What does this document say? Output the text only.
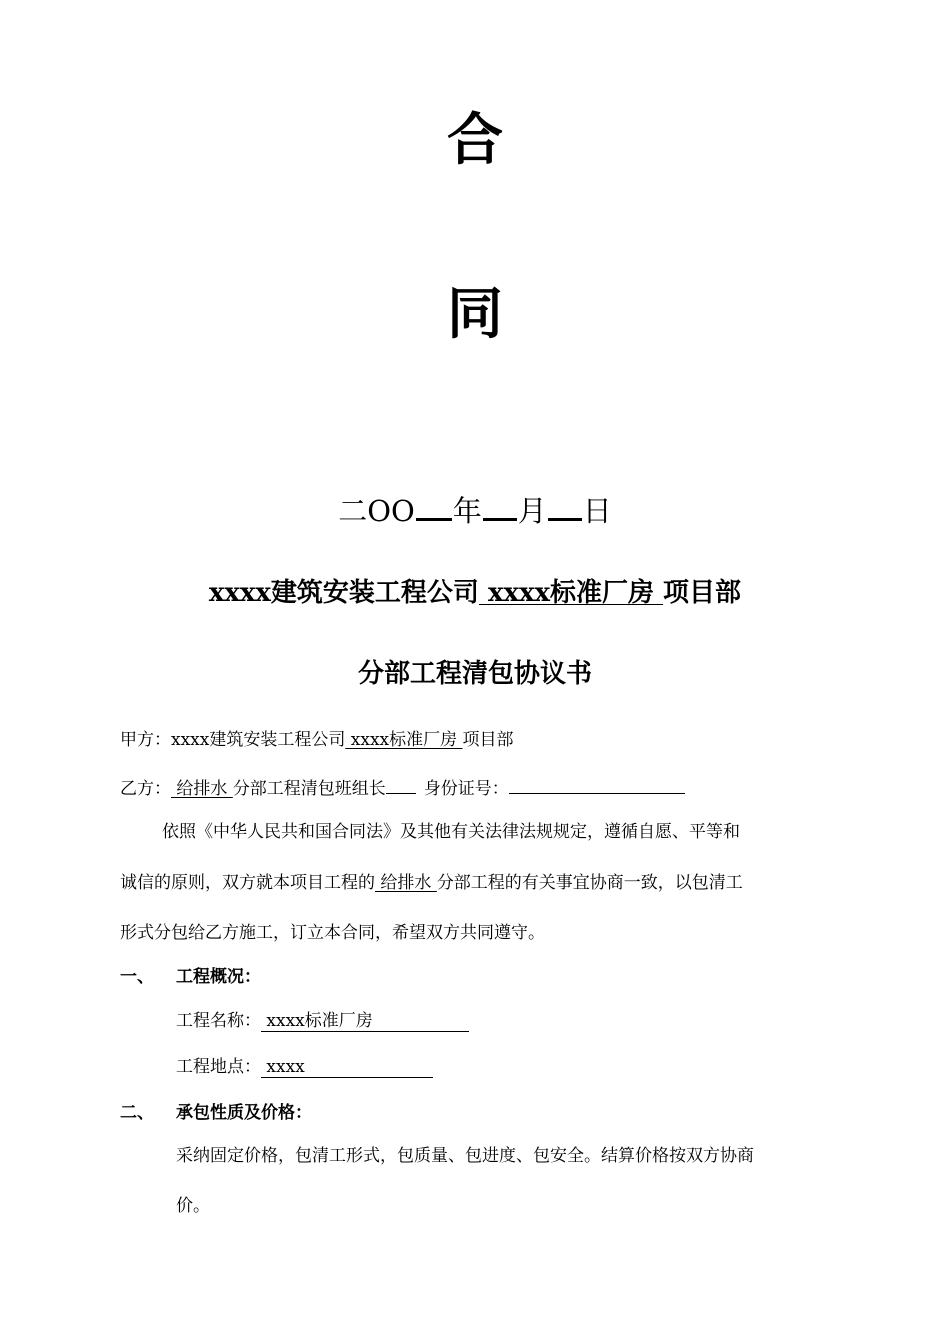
合
同
二OO 年 月 日
xxxx建筑安装工程公司 xxxx标准厂房 项目部
分部工程清包协议书
甲方：xxxx建筑安装工程公司 xxxx标准厂房 项目部
乙方： 给排水 分部工程清包班组长 身份证号：
依照《中华人民共和国合同法》及其他有关法律法规规定，遵循自愿、平等和
诚信的原则，双方就本项目工程的 给排水 分部工程的有关事宜协商一致，以包清工
形式分包给乙方施工，订立本合同，希望双方共同遵守。
一、 工程概况：
工程名称： xxxx标准厂房
工程地点： xxxx
二、 承包性质及价格：
采纳固定价格，包清工形式，包质量、包进度、包安全。结算价格按双方协商
价。
